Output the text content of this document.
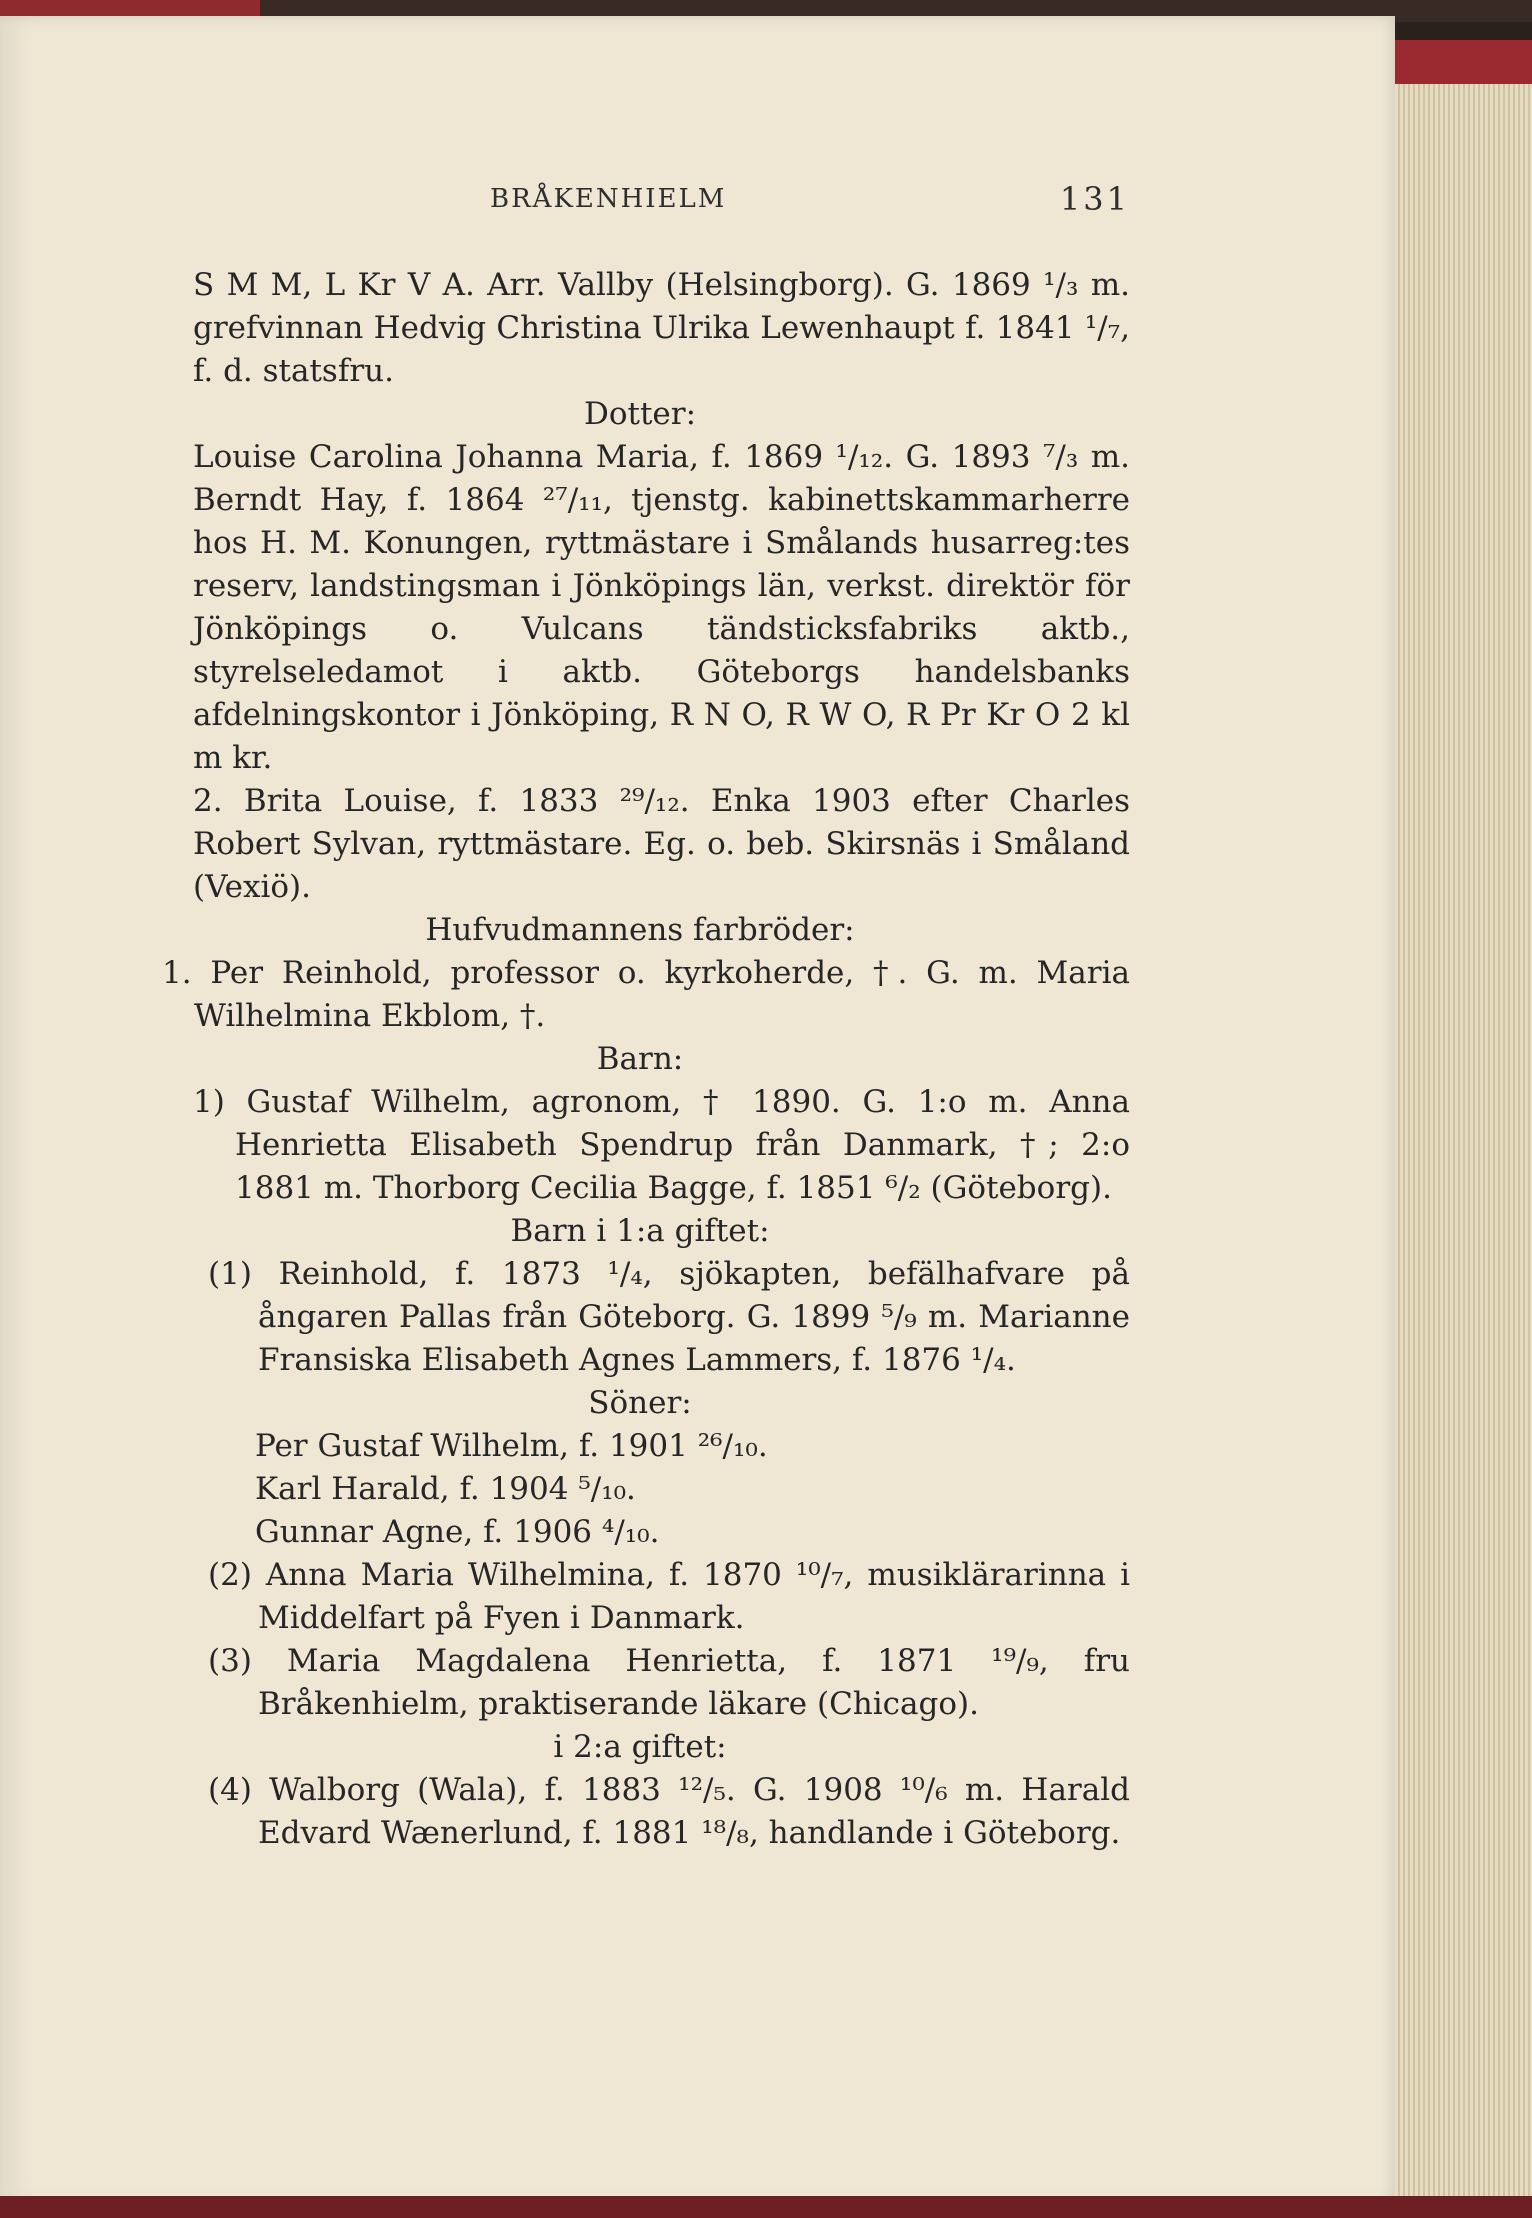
BRÅKENHIELM	131

S M M, L Kr V A. Arr. Vallby (Helsingborg). G. 1869 ¹/₃ m. grefvinnan Hedvig Christina Ulrika Lewenhaupt f. 1841 ¹/₇, f. d. statsfru.

Dotter:

Louise Carolina Johanna Maria, f. 1869 ¹/₁₂. G. 1893 ⁷/₃ m. Berndt Hay, f. 1864 ²⁷/₁₁, tjenstg. kabinettskammarherre hos H. M. Konungen, ryttmästare i Smålands husarreg:tes reserv, landstingsman i Jönköpings län, verkst. direktör för Jönköpings o. Vulcans tändsticksfabriks aktb., styrelseledamot i aktb. Göteborgs handelsbanks afdelningskontor i Jönköping, R N O, R W O, R Pr Kr O 2 kl m kr.

2. Brita Louise, f. 1833 ²⁹/₁₂. Enka 1903 efter Charles Robert Sylvan, ryttmästare. Eg. o. beb. Skirsnäs i Småland (Vexiö).

Hufvudmannens farbröder:

1. Per Reinhold, professor o. kyrkoherde, †. G. m. Maria Wilhelmina Ekblom, †.

Barn:

1) Gustaf Wilhelm, agronom, † 1890. G. 1:o m. Anna Henrietta Elisabeth Spendrup från Danmark, †; 2:o 1881 m. Thorborg Cecilia Bagge, f. 1851 ⁶/₂ (Göteborg).

Barn i 1:a giftet:

(1) Reinhold, f. 1873 ¹/₄, sjökapten, befälhafvare på ångaren Pallas från Göteborg. G. 1899 ⁵/₉ m. Marianne Fransiska Elisabeth Agnes Lammers, f. 1876 ¹/₄.

Söner:

Per Gustaf Wilhelm, f. 1901 ²⁶/₁₀.

Karl Harald, f. 1904 ⁵/₁₀.

Gunnar Agne, f. 1906 ⁴/₁₀.

(2) Anna Maria Wilhelmina, f. 1870 ¹⁰/₇, musiklärarinna i Middelfart på Fyen i Danmark.

(3) Maria Magdalena Henrietta, f. 1871 ¹⁹/₉, fru Bråkenhielm, praktiserande läkare (Chicago).

i 2:a giftet:

(4) Walborg (Wala), f. 1883 ¹²/₅. G. 1908 ¹⁰/₆ m. Harald Edvard Wænerlund, f. 1881 ¹⁸/₈, handlande i Göteborg.
